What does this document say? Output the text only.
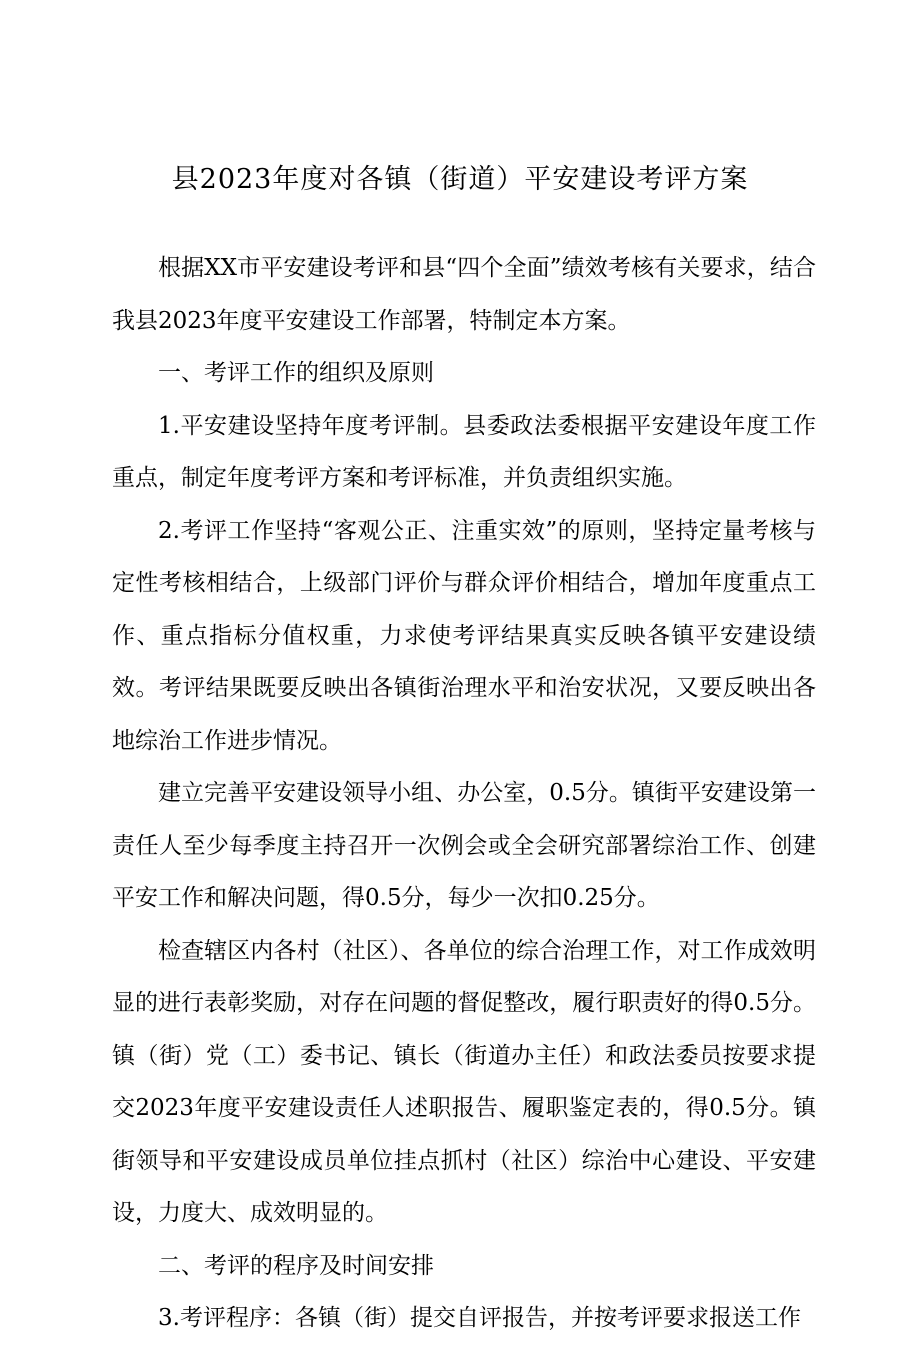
县2023年度对各镇（街道）平安建设考评方案

根据XX市平安建设考评和县“四个全面”绩效考核有关要求，结合我县2023年度平安建设工作部署，特制定本方案。

一、考评工作的组织及原则

1.平安建设坚持年度考评制。县委政法委根据平安建设年度工作重点，制定年度考评方案和考评标准，并负责组织实施。

2.考评工作坚持“客观公正、注重实效”的原则，坚持定量考核与定性考核相结合，上级部门评价与群众评价相结合，增加年度重点工作、重点指标分值权重，力求使考评结果真实反映各镇平安建设绩效。考评结果既要反映出各镇街治理水平和治安状况，又要反映出各地综治工作进步情况。

建立完善平安建设领导小组、办公室，0.5分。镇街平安建设第一责任人至少每季度主持召开一次例会或全会研究部署综治工作、创建平安工作和解决问题，得0.5分，每少一次扣0.25分。

检查辖区内各村（社区）、各单位的综合治理工作，对工作成效明显的进行表彰奖励，对存在问题的督促整改，履行职责好的得0.5分。镇（街）党（工）委书记、镇长（街道办主任）和政法委员按要求提交2023年度平安建设责任人述职报告、履职鉴定表的，得0.5分。镇街领导和平安建设成员单位挂点抓村（社区）综治中心建设、平安建设，力度大、成效明显的。

二、考评的程序及时间安排

3.考评程序：各镇（街）提交自评报告，并按考评要求报送工作
